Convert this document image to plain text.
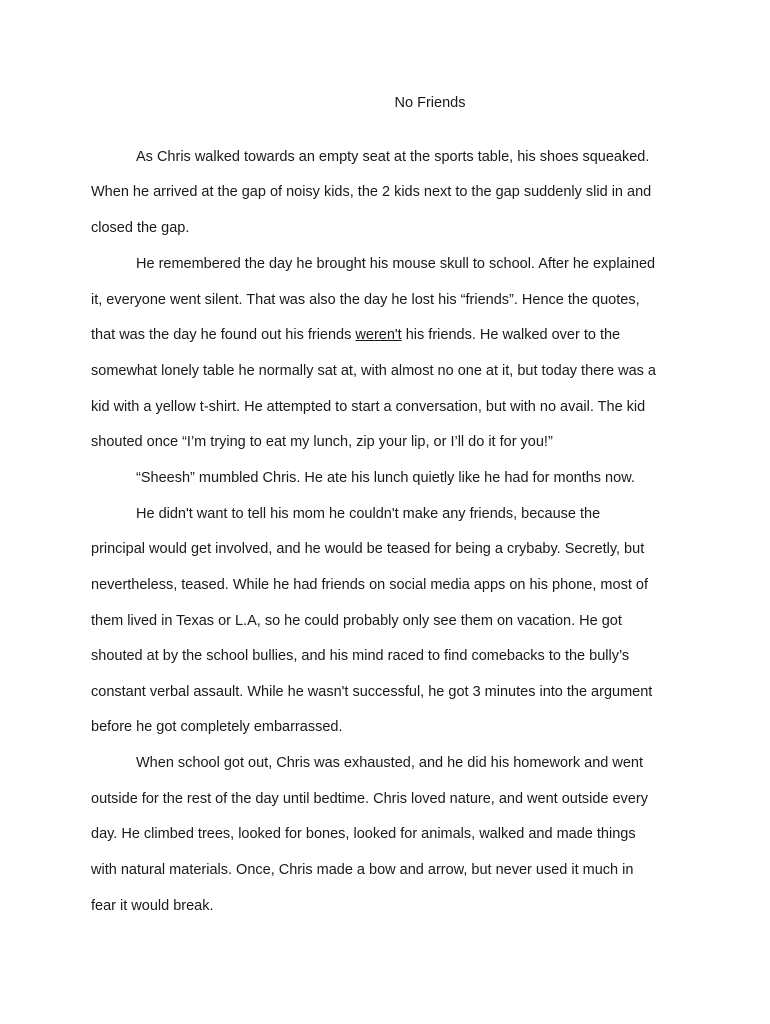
No Friends
As Chris walked towards an empty seat at the sports table, his shoes squeaked.
When he arrived at the gap of noisy kids, the 2 kids next to the gap suddenly slid in and
closed the gap.
He remembered the day he brought his mouse skull to school. After he explained
it, everyone went silent. That was also the day he lost his “friends”. Hence the quotes,
that was the day he found out his friends weren't his friends. He walked over to the
somewhat lonely table he normally sat at, with almost no one at it, but today there was a
kid with a yellow t-shirt. He attempted to start a conversation, but with no avail. The kid
shouted once “I’m trying to eat my lunch, zip your lip, or I’ll do it for you!”
“Sheesh” mumbled Chris. He ate his lunch quietly like he had for months now.
He didn't want to tell his mom he couldn't make any friends, because the
principal would get involved, and he would be teased for being a crybaby. Secretly, but
nevertheless, teased. While he had friends on social media apps on his phone, most of
them lived in Texas or L.A, so he could probably only see them on vacation. He got
shouted at by the school bullies, and his mind raced to find comebacks to the bully’s
constant verbal assault. While he wasn't successful, he got 3 minutes into the argument
before he got completely embarrassed.
When school got out, Chris was exhausted, and he did his homework and went
outside for the rest of the day until bedtime. Chris loved nature, and went outside every
day. He climbed trees, looked for bones, looked for animals, walked and made things
with natural materials. Once, Chris made a bow and arrow, but never used it much in
fear it would break.
